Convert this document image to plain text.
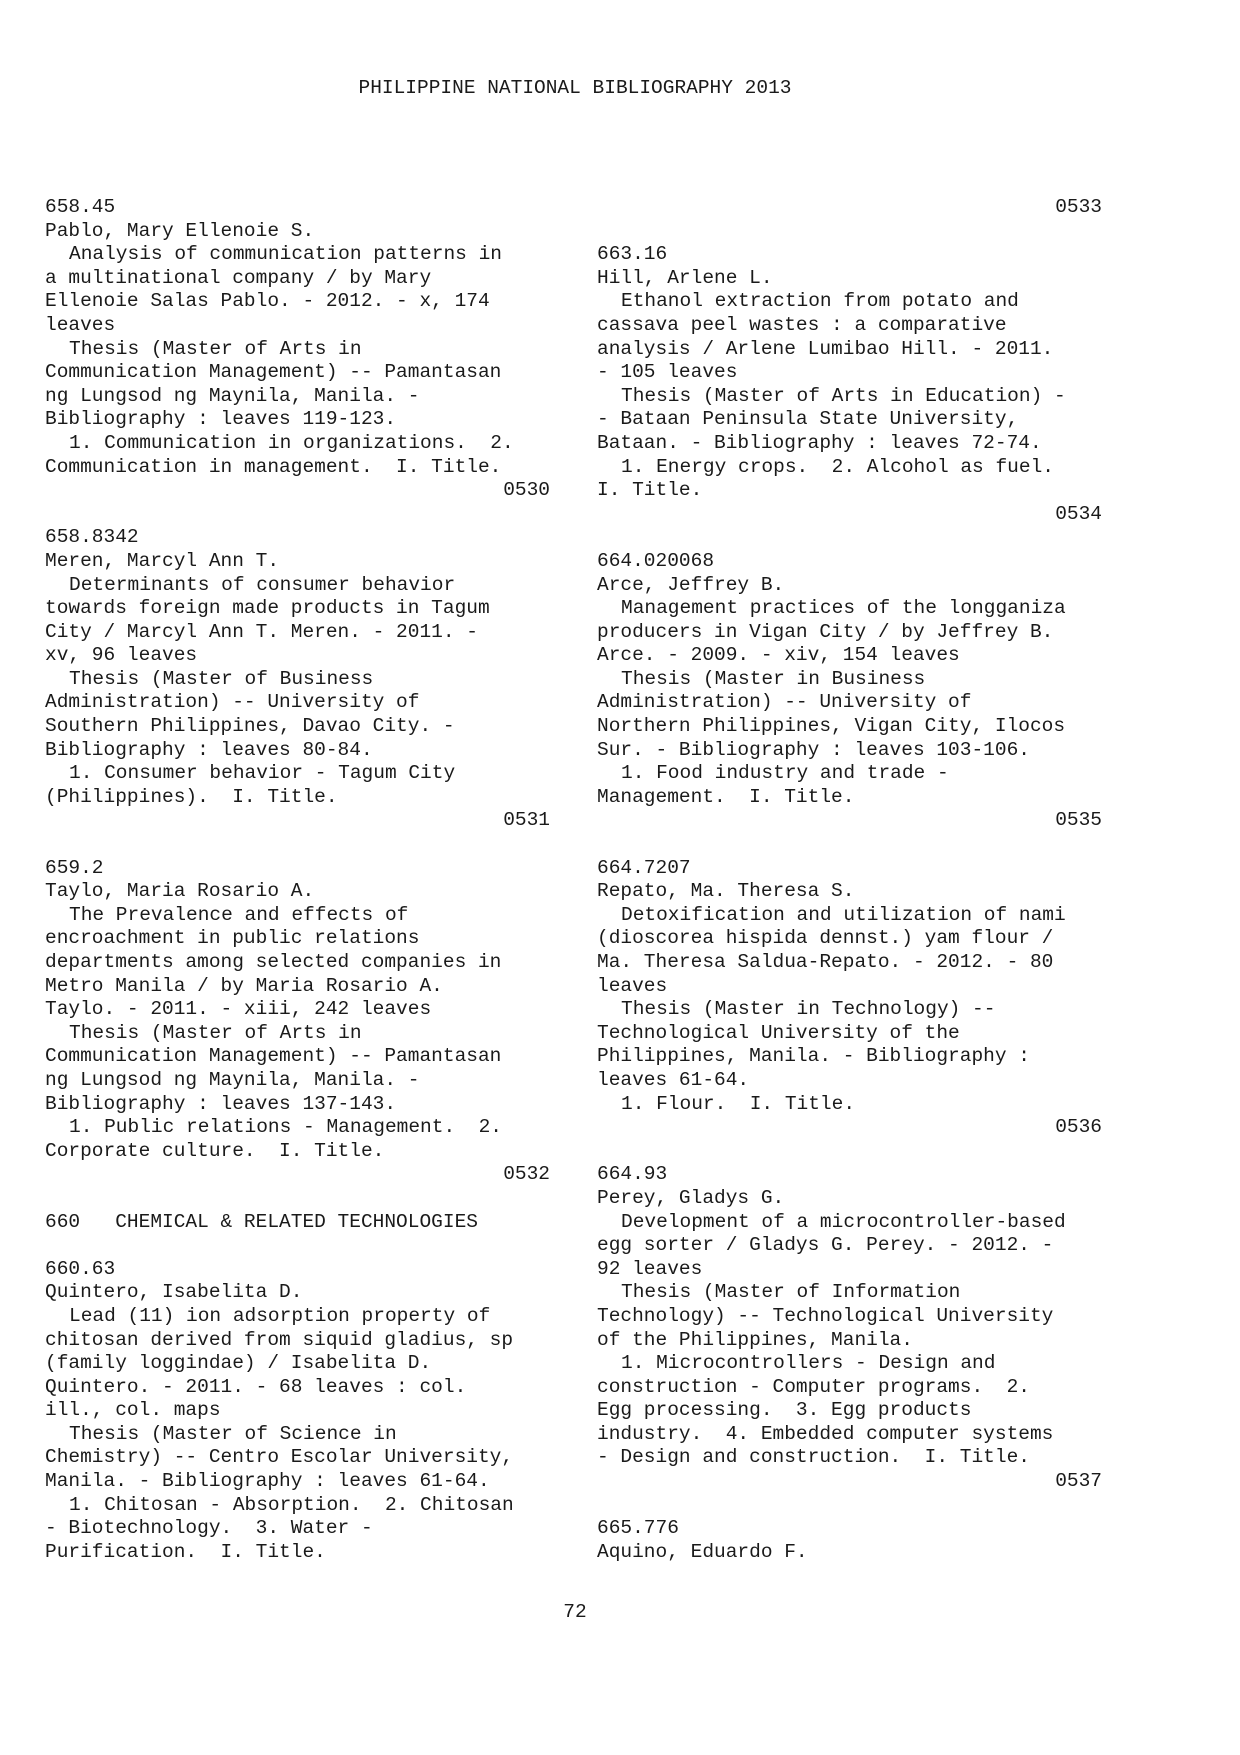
PHILIPPINE NATIONAL BIBLIOGRAPHY 2013
658.45
Pablo, Mary Ellenoie S.
Analysis of communication patterns in
a multinational company / by Mary
Ellenoie Salas Pablo. - 2012. - x, 174
leaves
Thesis (Master of Arts in
Communication Management) -- Pamantasan
ng Lungsod ng Maynila, Manila. -
Bibliography : leaves 119-123.
1. Communication in organizations.  2.
Communication in management.  I. Title.
0530
658.8342
Meren, Marcyl Ann T.
Determinants of consumer behavior
towards foreign made products in Tagum
City / Marcyl Ann T. Meren. - 2011. -
xv, 96 leaves
Thesis (Master of Business
Administration) -- University of
Southern Philippines, Davao City. -
Bibliography : leaves 80-84.
1. Consumer behavior - Tagum City
(Philippines).  I. Title.
0531
659.2
Taylo, Maria Rosario A.
The Prevalence and effects of
encroachment in public relations
departments among selected companies in
Metro Manila / by Maria Rosario A.
Taylo. - 2011. - xiii, 242 leaves
Thesis (Master of Arts in
Communication Management) -- Pamantasan
ng Lungsod ng Maynila, Manila. -
Bibliography : leaves 137-143.
1. Public relations - Management.  2.
Corporate culture.  I. Title.
0532
660   CHEMICAL & RELATED TECHNOLOGIES
660.63
Quintero, Isabelita D.
Lead (11) ion adsorption property of
chitosan derived from siquid gladius, sp
(family loggindae) / Isabelita D.
Quintero. - 2011. - 68 leaves : col.
ill., col. maps
Thesis (Master of Science in
Chemistry) -- Centro Escolar University,
Manila. - Bibliography : leaves 61-64.
1. Chitosan - Absorption.  2. Chitosan
- Biotechnology.  3. Water -
Purification.  I. Title.
0533
663.16
Hill, Arlene L.
Ethanol extraction from potato and
cassava peel wastes : a comparative
analysis / Arlene Lumibao Hill. - 2011.
- 105 leaves
Thesis (Master of Arts in Education) -
- Bataan Peninsula State University,
Bataan. - Bibliography : leaves 72-74.
1. Energy crops.  2. Alcohol as fuel.
I. Title.
0534
664.020068
Arce, Jeffrey B.
Management practices of the longganiza
producers in Vigan City / by Jeffrey B.
Arce. - 2009. - xiv, 154 leaves
Thesis (Master in Business
Administration) -- University of
Northern Philippines, Vigan City, Ilocos
Sur. - Bibliography : leaves 103-106.
1. Food industry and trade -
Management.  I. Title.
0535
664.7207
Repato, Ma. Theresa S.
Detoxification and utilization of nami
(dioscorea hispida dennst.) yam flour /
Ma. Theresa Saldua-Repato. - 2012. - 80
leaves
Thesis (Master in Technology) --
Technological University of the
Philippines, Manila. - Bibliography :
leaves 61-64.
1. Flour.  I. Title.
0536
664.93
Perey, Gladys G.
Development of a microcontroller-based
egg sorter / Gladys G. Perey. - 2012. -
92 leaves
Thesis (Master of Information
Technology) -- Technological University
of the Philippines, Manila.
1. Microcontrollers - Design and
construction - Computer programs.  2.
Egg processing.  3. Egg products
industry.  4. Embedded computer systems
- Design and construction.  I. Title.
0537
665.776
Aquino, Eduardo F.
72
